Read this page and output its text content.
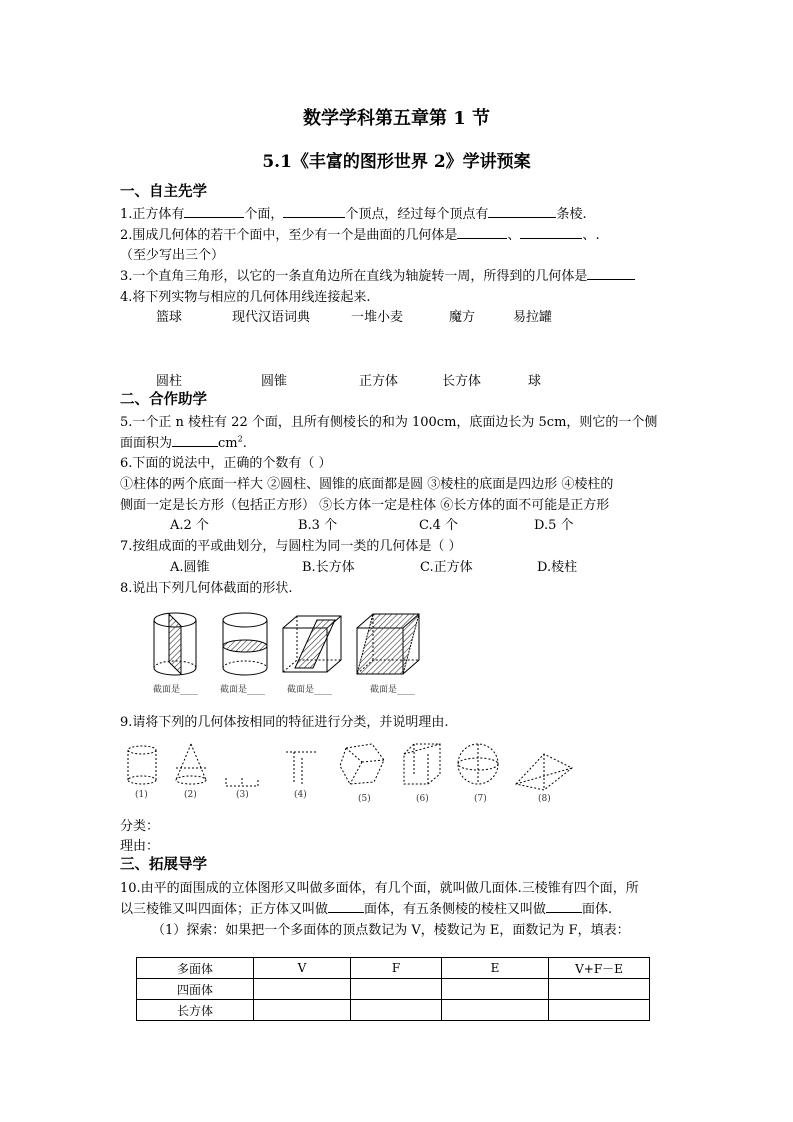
数学学科第五章第 1 节
5.1《丰富的图形世界 2》学讲预案
一、自主先学
1.正方体有	个面，	个顶点，经过每个顶点有	条棱.
2.围成几何体的若干个面中，至少有一个是曲面的几何体是	、	、.
（至少写出三个）
3.一个直角三角形，以它的一条直角边所在直线为轴旋转一周，所得到的几何体是
4.将下列实物与相应的几何体用线连接起来.
篮球	现代汉语词典	一堆小麦	魔方	易拉罐
圆柱	圆锥	正方体	长方体	球
二、合作助学
5.一个正 n 棱柱有 22 个面，且所有侧棱长的和为 100cm，底面边长为 5cm，则它的一个侧
面面积为	$cm^2$.
6.下面的说法中，正确的个数有（ ）
①柱体的两个底面一样大 ②圆柱、圆锥的底面都是圆 ③棱柱的底面是四边形 ④棱柱的
侧面一定是长方形（包括正方形） ⑤长方体一定是柱体 ⑥长方体的面不可能是正方形
A.2 个	B.3 个	C.4 个	D.5 个
7.按组成面的平或曲划分，与圆柱为同一类的几何体是（ ）
A.圆锥	B.长方体	C.正方体	D.棱柱
8.说出下列几何体截面的形状.
截面是____ 截面是____ 截面是____	截面是____
9.请将下列的几何体按相同的特征进行分类，并说明理由.
(1)	(2)	(3)	(4)	(5)	(6)	(7)	(8)
分类：
理由：
三、拓展导学
10.由平的面围成的立体图形又叫做多面体，有几个面，就叫做几面体.三棱锥有四个面，所
以三棱锥又叫四面体；正方体又叫做	面体，有五条侧棱的棱柱又叫做	面体.
（1）探索：如果把一个多面体的顶点数记为 V，棱数记为 E，面数记为 F，填表：
多面体	V	F	E	V+F－E
四面体				
长方体				
